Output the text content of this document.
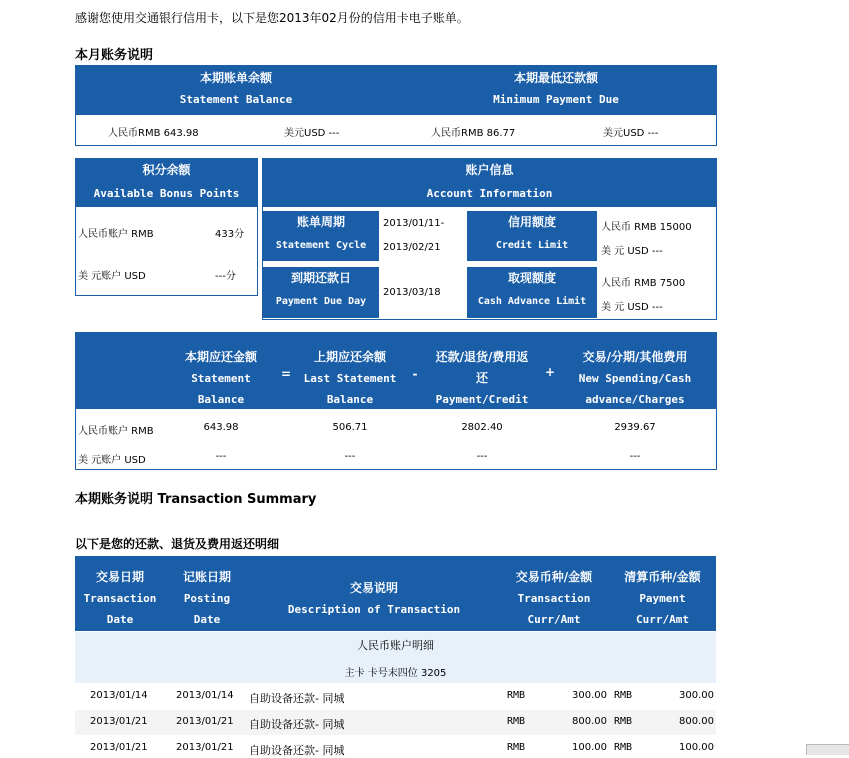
感谢您使用交通银行信用卡，以下是您2013年02月份的信用卡电子账单。
本月账务说明
本期账单余额
Statement Balance
本期最低还款额
Minimum Payment Due
人民币RMB 643.98	美元USD ---	人民币RMB 86.77	美元USD ---
积分余额
Available Bonus Points
人民币账户 RMB	433分
美 元账户 USD	---分
账户信息
Account Information
账单周期
Statement Cycle
2013/01/11-
2013/02/21
信用额度
Credit Limit
人民币 RMB 15000
美 元 USD ---
到期还款日
Payment Due Day
2013/03/18
取现额度
Cash Advance Limit
人民币 RMB 7500
美 元 USD ---
本期应还金额
Statement
Balance
=
上期应还余额
Last Statement
Balance
-
还款/退货/费用返
还
Payment/Credit
+
交易/分期/其他费用
New Spending/Cash
advance/Charges
人民币账户 RMB	643.98	506.71	2802.40	2939.67
美 元账户 USD	---	---	---	---
本期账务说明 Transaction Summary
以下是您的还款、退货及费用返还明细
交易日期
Transaction
Date
记账日期
Posting
Date
交易说明
Description of Transaction
交易币种/金额
Transaction
Curr/Amt
清算币种/金额
Payment
Curr/Amt
人民币账户明细
主卡 卡号末四位 3205
2013/01/14	2013/01/14 自助设备还款- 同城	RMB	300.00 RMB	300.00
2013/01/21	2013/01/21 自助设备还款- 同城	RMB	800.00 RMB	800.00
2013/01/21	2013/01/21 自助设备还款- 同城	RMB	100.00 RMB	100.00
